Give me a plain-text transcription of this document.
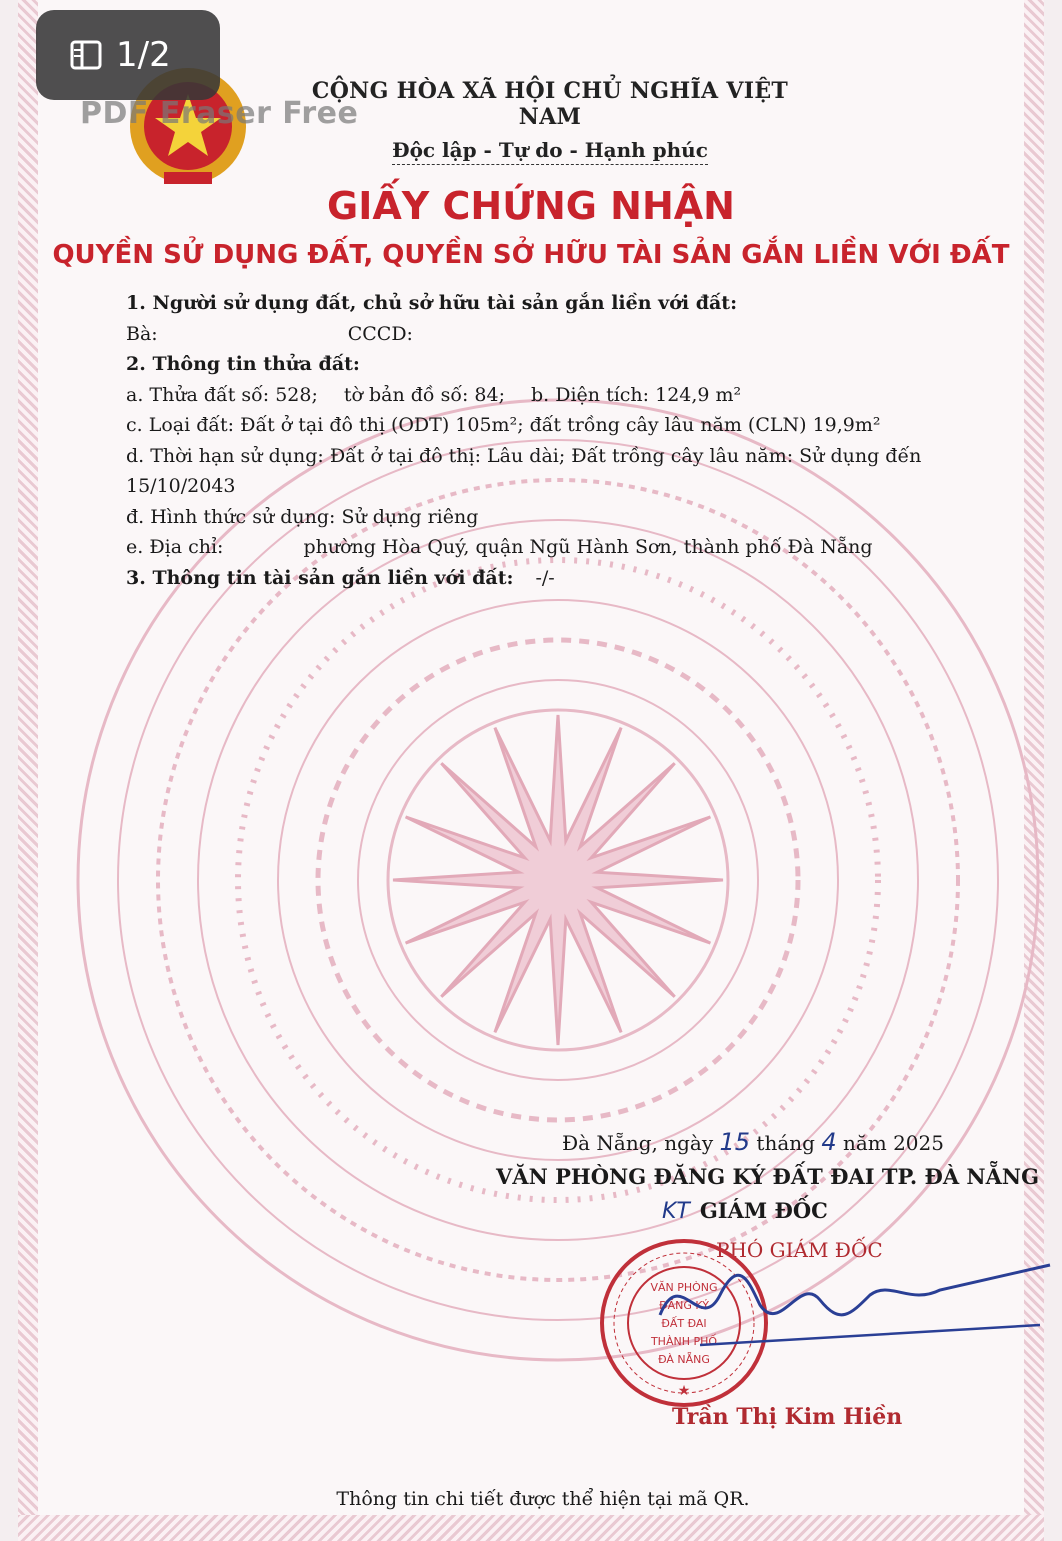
1/2
PDF Eraser Free
CỘNG HÒA XÃ HỘI CHỦ NGHĨA VIỆT NAM
Độc lập - Tự do - Hạnh phúc
GIẤY CHỨNG NHẬN
QUYỀN SỬ DỤNG ĐẤT, QUYỀN SỞ HỮU TÀI SẢN GẮN LIỀN VỚI ĐẤT
1. Người sử dụng đất, chủ sở hữu tài sản gắn liền với đất:
Bà:	CCCD:
2. Thông tin thửa đất:
a. Thửa đất số: 528; tờ bản đồ số: 84; b. Diện tích: 124,9 m²
c. Loại đất: Đất ở tại đô thị (ODT) 105m²; đất trồng cây lâu năm (CLN) 19,9m²
d. Thời hạn sử dụng: Đất ở tại đô thị: Lâu dài; Đất trồng cây lâu năm: Sử dụng đến
15/10/2043
đ. Hình thức sử dụng: Sử dụng riêng
e. Địa chỉ:	phường Hòa Quý, quận Ngũ Hành Sơn, thành phố Đà Nẵng
3. Thông tin tài sản gắn liền với đất: -/-
Đà Nẵng, ngày 15 tháng 4 năm 2025
VĂN PHÒNG ĐĂNG KÝ ĐẤT ĐAI TP. ĐÀ NẴNG
KT GIÁM ĐỐC
PHÓ GIÁM ĐỐC
VĂN PHÒNG
ĐĂNG KÝ
ĐẤT ĐAI
THÀNH PHỐ
ĐÀ NẴNG
★
Trần Thị Kim Hiền
Thông tin chi tiết được thể hiện tại mã QR.
